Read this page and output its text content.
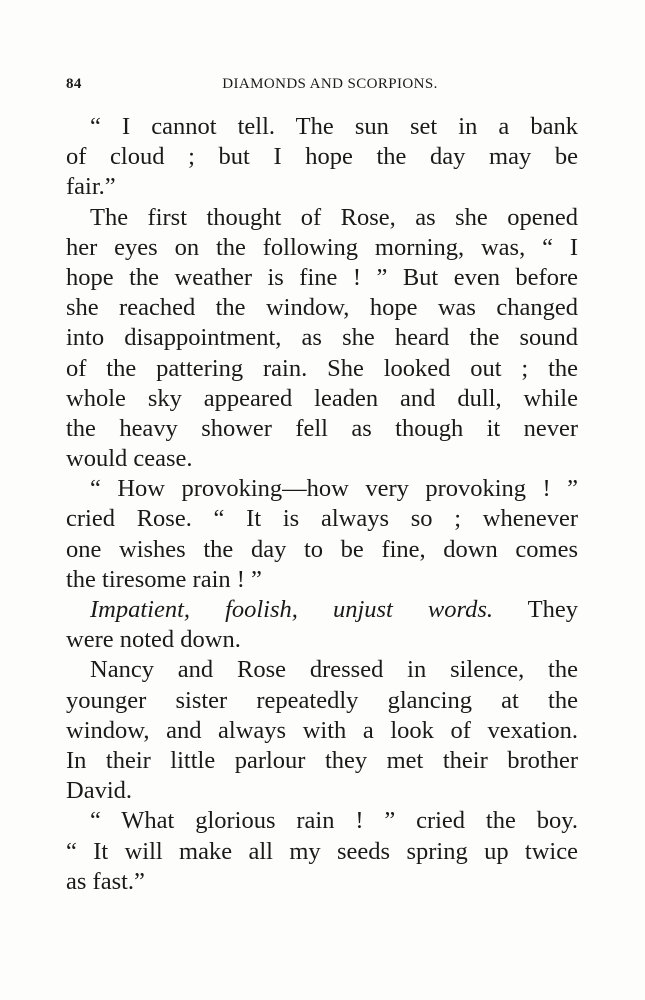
84	DIAMONDS AND SCORPIONS.
“ I cannot tell. The sun set in a bank
of cloud ; but I hope the day may be
fair.”
The first thought of Rose, as she opened
her eyes on the following morning, was, “ I
hope the weather is fine ! ” But even before
she reached the window, hope was changed
into disappointment, as she heard the sound
of the pattering rain. She looked out ; the
whole sky appeared leaden and dull, while
the heavy shower fell as though it never
would cease.
“ How provoking—how very provoking ! ”
cried Rose. “ It is always so ; whenever
one wishes the day to be fine, down comes
the tiresome rain ! ”
Impatient, foolish, unjust words. They
were noted down.
Nancy and Rose dressed in silence, the
younger sister repeatedly glancing at the
window, and always with a look of vexation.
In their little parlour they met their brother
David.
“ What glorious rain ! ” cried the boy.
“ It will make all my seeds spring up twice
as fast.”
